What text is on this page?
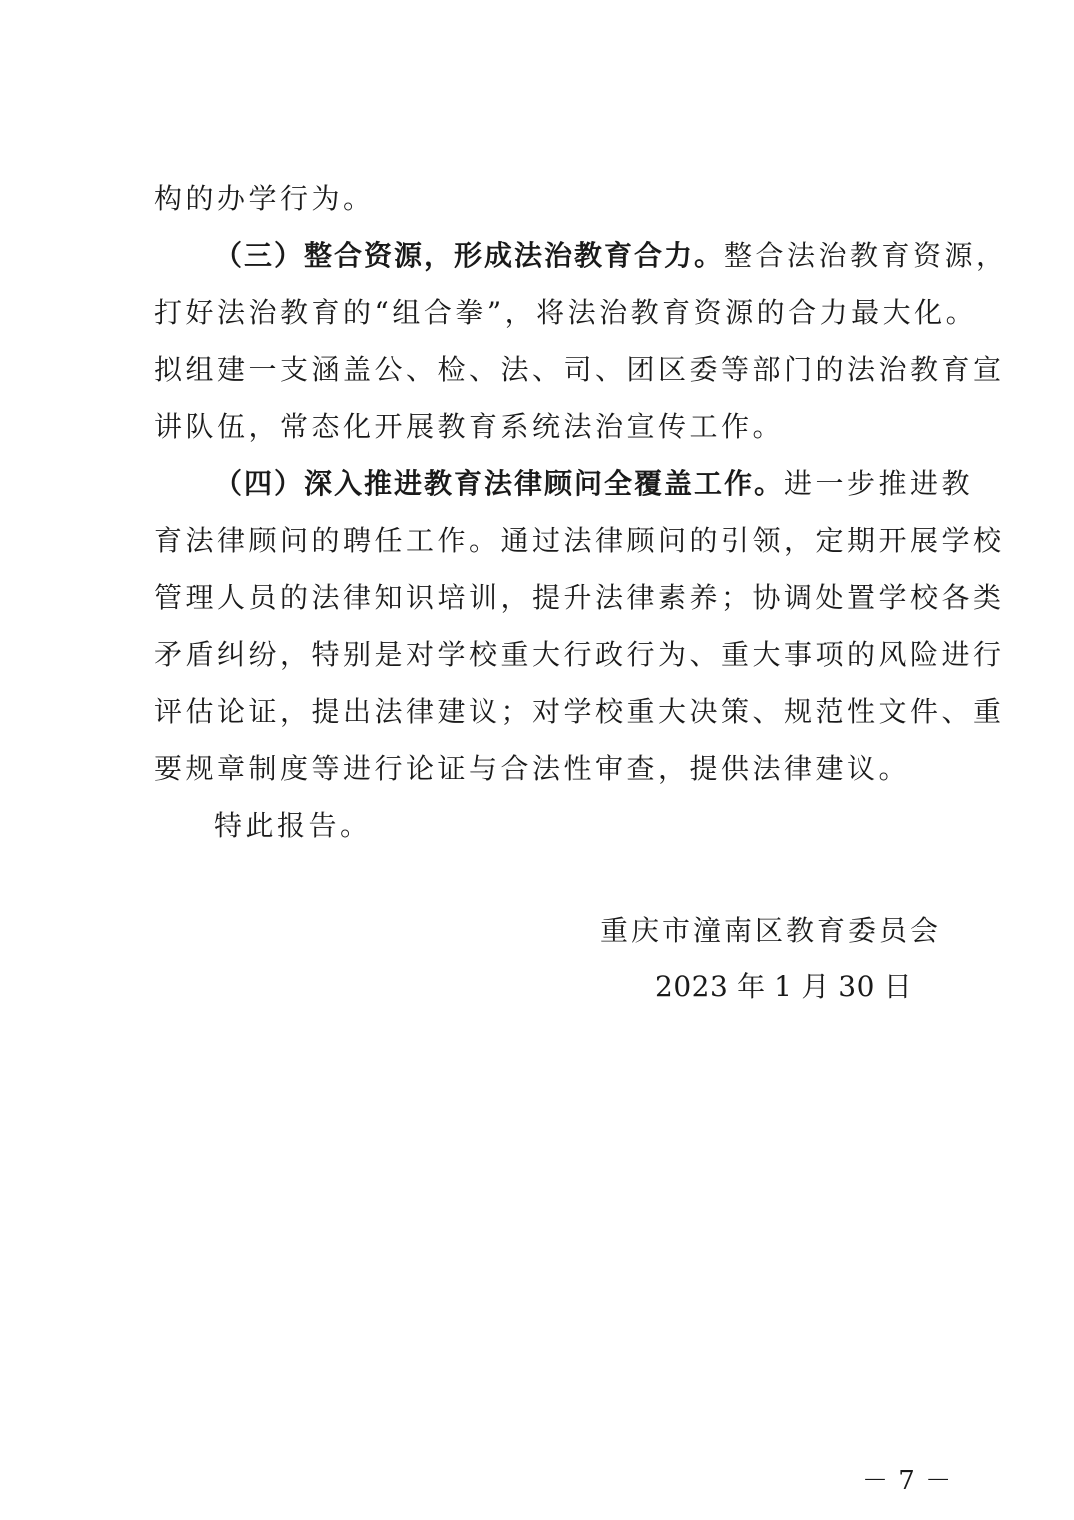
构的办学行为。
（三）整合资源，形成法治教育合力。整合法治教育资源，
打好法治教育的“组合拳”，将法治教育资源的合力最大化。
拟组建一支涵盖公、检、法、司、团区委等部门的法治教育宣
讲队伍，常态化开展教育系统法治宣传工作。
（四）深入推进教育法律顾问全覆盖工作。进一步推进教
育法律顾问的聘任工作。通过法律顾问的引领，定期开展学校
管理人员的法律知识培训，提升法律素养；协调处置学校各类
矛盾纠纷，特别是对学校重大行政行为、重大事项的风险进行
评估论证，提出法律建议；对学校重大决策、规范性文件、重
要规章制度等进行论证与合法性审查，提供法律建议。
特此报告。
重庆市潼南区教育委员会
2023 年 1 月 30 日
－ 7 －
